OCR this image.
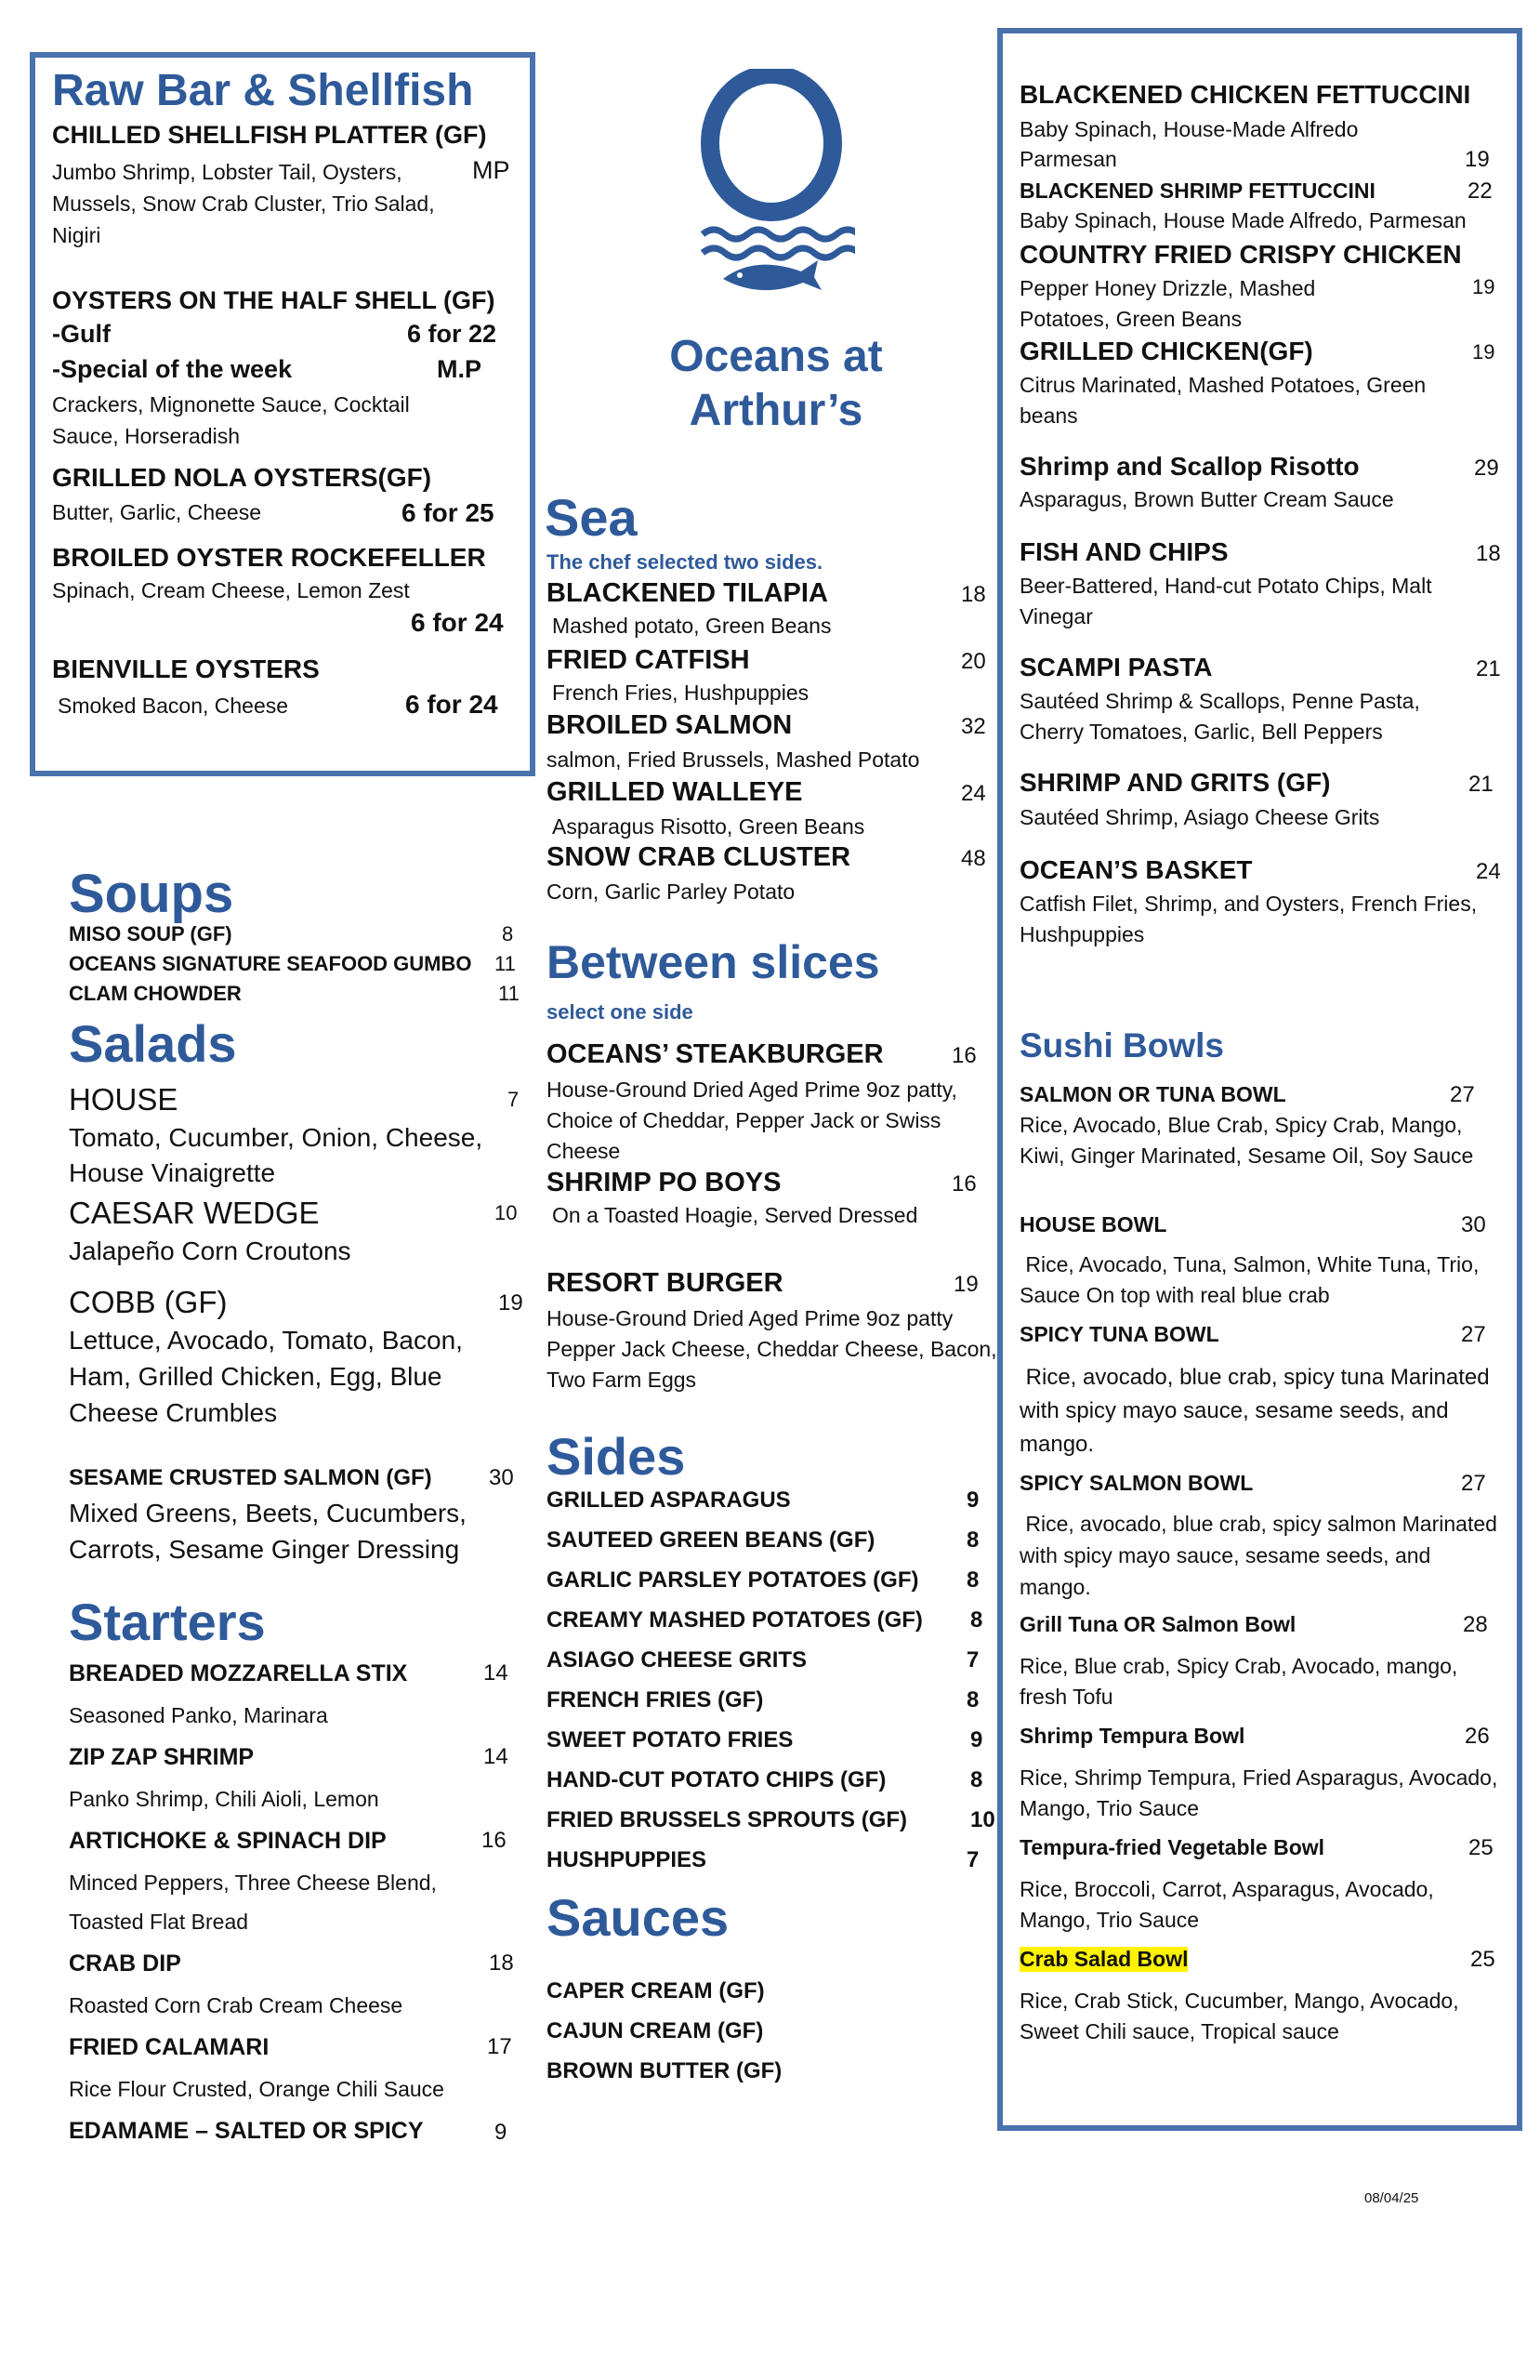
Raw Bar & Shellfish
CHILLED SHELLFISH PLATTER (GF)
Jumbo Shrimp, Lobster Tail, Oysters, Mussels, Snow Crab Cluster, Trio Salad, Nigiri
MP
OYSTERS ON THE HALF SHELL (GF)
-Gulf	6 for 22
-Special of the week	M.P
Crackers, Mignonette Sauce, Cocktail Sauce, Horseradish
GRILLED NOLA OYSTERS(GF)
Butter, Garlic, Cheese	6 for 25
BROILED OYSTER ROCKEFELLER
Spinach, Cream Cheese, Lemon Zest
6 for 24
BIENVILLE OYSTERS
Smoked Bacon, Cheese	6 for 24
Soups
MISO SOUP (GF)	8
OCEANS SIGNATURE SEAFOOD GUMBO 11
CLAM CHOWDER	11
Salads
HOUSE	7
Tomato, Cucumber, Onion, Cheese, House Vinaigrette
CAESAR WEDGE	10
Jalapeño Corn Croutons
COBB (GF)	19
Lettuce, Avocado, Tomato, Bacon, Ham, Grilled Chicken, Egg, Blue Cheese Crumbles
SESAME CRUSTED SALMON (GF)	30
Mixed Greens, Beets, Cucumbers, Carrots, Sesame Ginger Dressing
Starters
BREADED MOZZARELLA STIX	14
Seasoned Panko, Marinara
ZIP ZAP SHRIMP	14
Panko Shrimp, Chili Aioli, Lemon
ARTICHOKE & SPINACH DIP	16
Minced Peppers, Three Cheese Blend,
Toasted Flat Bread
CRAB DIP	18
Roasted Corn Crab Cream Cheese
FRIED CALAMARI	17
Rice Flour Crusted, Orange Chili Sauce
EDAMAME – SALTED OR SPICY	9
Oceans at
Arthur’s
Sea
The chef selected two sides.
BLACKENED TILAPIA	18
Mashed potato, Green Beans
FRIED CATFISH	20
French Fries, Hushpuppies
BROILED SALMON	32
salmon, Fried Brussels, Mashed Potato
GRILLED WALLEYE	24
Asparagus Risotto, Green Beans
SNOW CRAB CLUSTER	48
Corn, Garlic Parley Potato
Between slices
select one side
OCEANS’ STEAKBURGER	16
House-Ground Dried Aged Prime 9oz patty, Choice of Cheddar, Pepper Jack or Swiss Cheese
SHRIMP PO BOYS	16
On a Toasted Hoagie, Served Dressed
RESORT BURGER	19
House-Ground Dried Aged Prime 9oz patty Pepper Jack Cheese, Cheddar Cheese, Bacon, Two Farm Eggs
Sides
GRILLED ASPARAGUS	9
SAUTEED GREEN BEANS (GF)	8
GARLIC PARSLEY POTATOES (GF) 8
CREAMY MASHED POTATOES (GF) 8
ASIAGO CHEESE GRITS	7
FRENCH FRIES (GF)	8
SWEET POTATO FRIES	9
HAND-CUT POTATO CHIPS (GF)	8
FRIED BRUSSELS SPROUTS (GF)	10
HUSHPUPPIES	7
Sauces
CAPER CREAM (GF)
CAJUN CREAM (GF)
BROWN BUTTER (GF)
BLACKENED CHICKEN FETTUCCINI
Baby Spinach, House-Made Alfredo
Parmesan	19
BLACKENED SHRIMP FETTUCCINI	22
Baby Spinach, House Made Alfredo, Parmesan
COUNTRY FRIED CRISPY CHICKEN
Pepper Honey Drizzle, Mashed Potatoes, Green Beans
19
GRILLED CHICKEN(GF)	19
Citrus Marinated, Mashed Potatoes, Green beans
Shrimp and Scallop Risotto	29
Asparagus, Brown Butter Cream Sauce
FISH AND CHIPS	18
Beer-Battered, Hand-cut Potato Chips, Malt Vinegar
SCAMPI PASTA	21
Sautéed Shrimp & Scallops, Penne Pasta, Cherry Tomatoes, Garlic, Bell Peppers
SHRIMP AND GRITS (GF)	21
Sautéed Shrimp, Asiago Cheese Grits
OCEAN’S BASKET	24
Catfish Filet, Shrimp, and Oysters, French Fries, Hushpuppies
Sushi Bowls
SALMON OR TUNA BOWL	27
Rice, Avocado, Blue Crab, Spicy Crab, Mango, Kiwi, Ginger Marinated, Sesame Oil, Soy Sauce
HOUSE BOWL	30
Rice, Avocado, Tuna, Salmon, White Tuna, Trio, Sauce On top with real blue crab
SPICY TUNA BOWL	27
Rice, avocado, blue crab, spicy tuna Marinated with spicy mayo sauce, sesame seeds, and mango.
SPICY SALMON BOWL	27
Rice, avocado, blue crab, spicy salmon Marinated with spicy mayo sauce, sesame seeds, and mango.
Grill Tuna OR Salmon Bowl	28
Rice, Blue crab, Spicy Crab, Avocado, mango, fresh Tofu
Shrimp Tempura Bowl	26
Rice, Shrimp Tempura, Fried Asparagus, Avocado, Mango, Trio Sauce
Tempura-fried Vegetable Bowl	25
Rice, Broccoli, Carrot, Asparagus, Avocado, Mango, Trio Sauce
Crab Salad Bowl	25
Rice, Crab Stick, Cucumber, Mango, Avocado, Sweet Chili sauce, Tropical sauce
08/04/25
